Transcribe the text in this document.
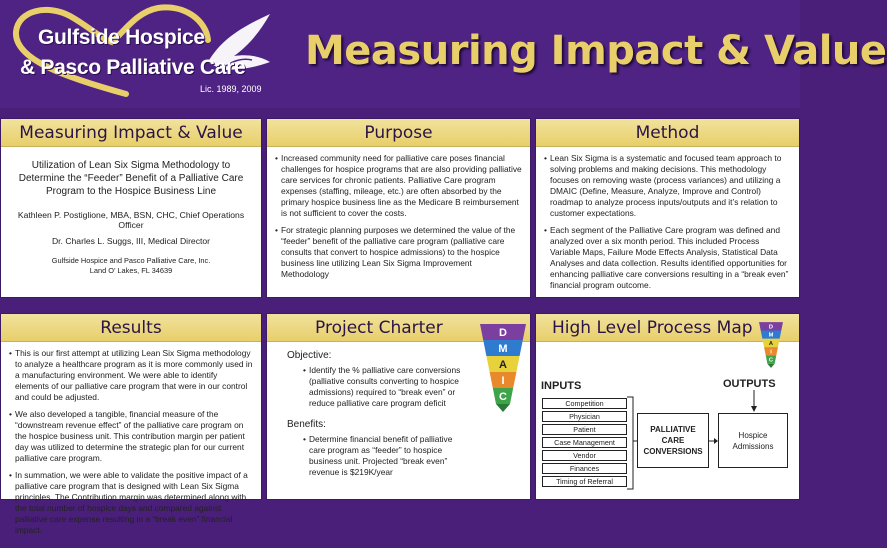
Gulfside Hospice
& Pasco Palliative Care
Lic. 1989, 2009
Measuring Impact & Value
Measuring Impact & Value
Utilization of Lean Six Sigma Methodology to Determine the “Feeder” Benefit of a Palliative Care Program to the Hospice Business Line
Kathleen P. Postiglione, MBA, BSN, CHC, Chief Operations Officer
Dr. Charles L. Suggs, III, Medical Director
Gulfside Hospice and Pasco Palliative Care, Inc.
Land O’ Lakes, FL 34639
Purpose
• Increased community need for palliative care poses financial challenges for hospice programs that are also providing palliative care services for chronic patients. Palliative Care program expenses (staffing, mileage, etc.) are often absorbed by the primary hospice business line as the Medicare B reimbursement is not sufficient to cover the costs.
• For strategic planning purposes we determined the value of the “feeder” benefit of the palliative care program (palliative care consults that convert to hospice admissions) to the hospice business line utilizing Lean Six Sigma Improvement Methodology
Method
• Lean Six Sigma is a systematic and focused team approach to solving problems and making decisions. This methodology focuses on removing waste (process variances) and utilizing a DMAIC (Define, Measure, Analyze, Improve and Control) roadmap to analyze process inputs/outputs and it’s relation to customer expectations.
• Each segment of the Palliative Care program was defined and analyzed over a six month period. This included Process Variable Maps, Failure Mode Effects Analysis, Statistical Data Analyses and data collection. Results identified opportunities for enhancing palliative care conversions resulting in a “break even” financial program outcome.
Results
• This is our first attempt at utilizing Lean Six Sigma methodology to analyze a healthcare program as it is more commonly used in a manufacturing environment. We were able to identify elements of our palliative care program that were in our control and could be adjusted.
• We also developed a tangible, financial measure of the “downstream revenue effect” of the palliative care program on the hospice business unit. This contribution margin per patient day was utilized to determine the strategic plan for our current palliative care program.
• In summation, we were able to validate the positive impact of a palliative care program that is designed with Lean Six Sigma principles. The Contribution margin was determined along with the total number of hospice days and compared against palliative care expense resulting in a “break even” financial impact.
Project Charter
Objective:
• Identify the % palliative care conversions (palliative consults converting to hospice admissions) required to “break even” or reduce palliative care program deficit
Benefits:
• Determine financial benefit of palliative care program as “feeder” to hospice business unit. Projected “break even” revenue is $219K/year
D
M
A
I
C
High Level Process Map	D
M
A
I
C
INPUTS	OUTPUTS
Competition
Physician
Patient
Case Management
Vendor
Finances
Timing of Referral
PALLIATIVE CARE CONVERSIONS
Hospice Admissions
